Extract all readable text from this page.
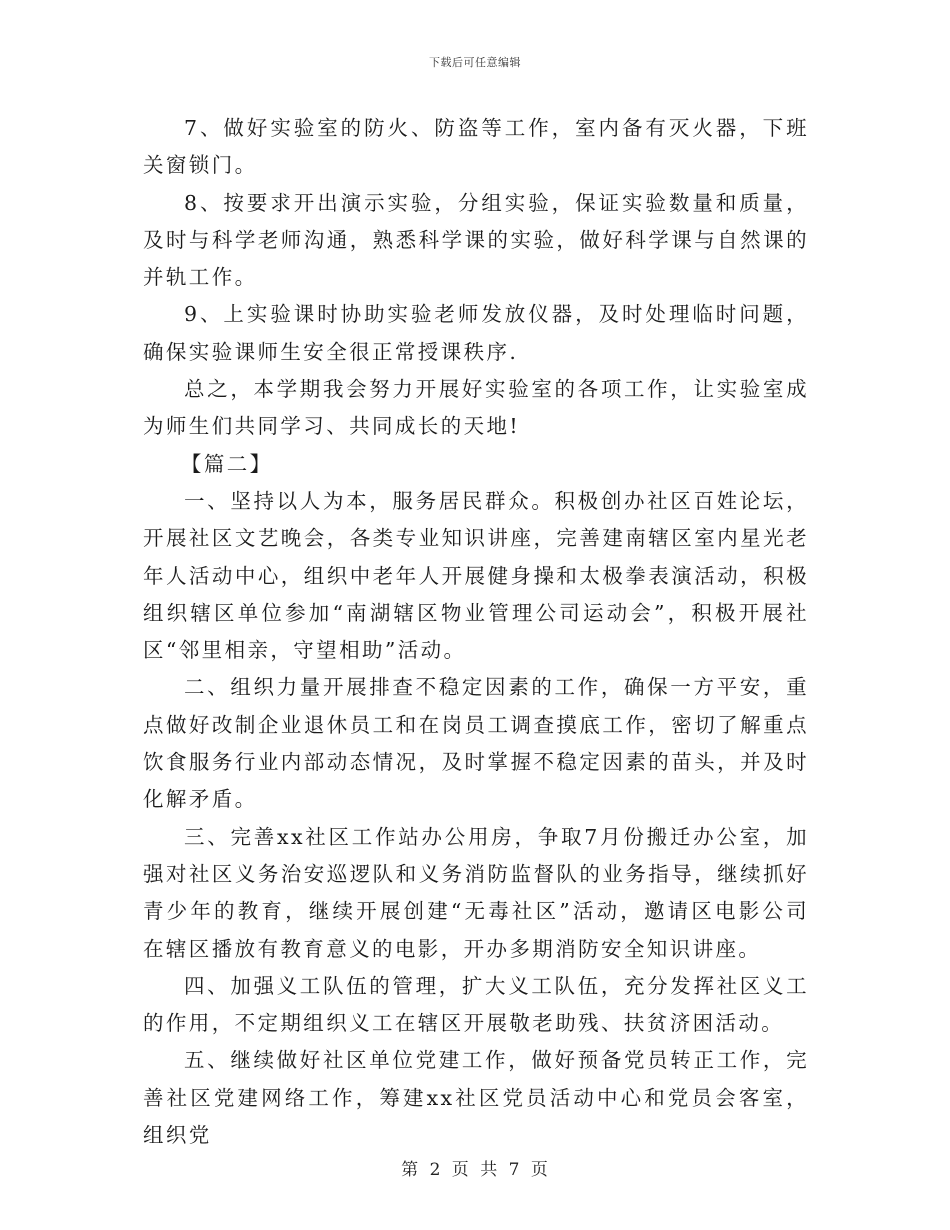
下载后可任意编辑

7、做好实验室的防火、防盗等工作，室内备有灭火器，下班关窗锁门。

8、按要求开出演示实验，分组实验，保证实验数量和质量，及时与科学老师沟通，熟悉科学课的实验，做好科学课与自然课的并轨工作。

9、上实验课时协助实验老师发放仪器，及时处理临时问题，确保实验课师生安全很正常授课秩序.

总之，本学期我会努力开展好实验室的各项工作，让实验室成为师生们共同学习、共同成长的天地!

【篇二】

一、坚持以人为本，服务居民群众。积极创办社区百姓论坛，开展社区文艺晚会，各类专业知识讲座，完善建南辖区室内星光老年人活动中心，组织中老年人开展健身操和太极拳表演活动，积极组织辖区单位参加“南湖辖区物业管理公司运动会”，积极开展社区“邻里相亲，守望相助”活动。

二、组织力量开展排查不稳定因素的工作，确保一方平安，重点做好改制企业退休员工和在岗员工调查摸底工作，密切了解重点饮食服务行业内部动态情况，及时掌握不稳定因素的苗头，并及时化解矛盾。

三、完善xx社区工作站办公用房，争取7月份搬迁办公室，加强对社区义务治安巡逻队和义务消防监督队的业务指导，继续抓好青少年的教育，继续开展创建“无毒社区”活动，邀请区电影公司在辖区播放有教育意义的电影，开办多期消防安全知识讲座。

四、加强义工队伍的管理，扩大义工队伍，充分发挥社区义工的作用，不定期组织义工在辖区开展敬老助残、扶贫济困活动。

五、继续做好社区单位党建工作，做好预备党员转正工作，完善社区党建网络工作，筹建xx社区党员活动中心和党员会客室，组织党

第 2 页 共 7 页
